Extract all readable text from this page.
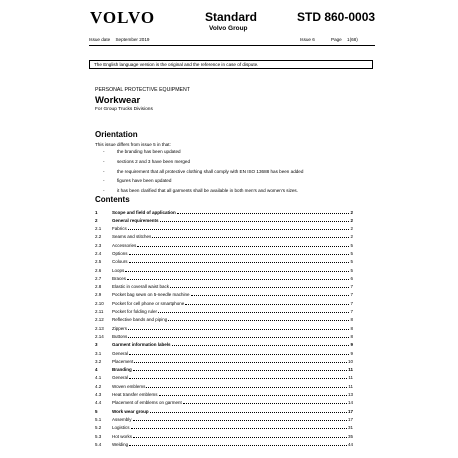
VOLVO	Standard
Volvo Group
STD 860-0003
Issue date September 2019	Issue 6	Page 1(68)
The English language version is the original and the reference in case of dispute.
PERSONAL PROTECTIVE EQUIPMENT
Workwear
For Group Trucks Divisions
Orientation
This issue differs from issue 5 in that:
-	the branding has been updated
-	sections 2 and 3 have been merged
-	the requirement that all protective clothing shall comply with EN ISO 13688 has been added
-	figures have been updated
-	it has been clarified that all garments shall be available in both men's and women's sizes.
Contents
1	Scope and field of application	2
2	General requirements	2
2.1	Fabrics	2
2.2	Seams and stitches	2
2.3	Accessories	5
2.4	Options	5
2.5	Colours	5
2.6	Loops	5
2.7	Braces	6
2.8	Elastic in coverall waist back	7
2.9	Pocket bag sewn on 5-needle machine	7
2.10	Pocket for cell phone or smartphone	7
2.11	Pocket for folding ruler	7
2.12	Reflective bands and piping	8
2.13	Zippers	8
2.14	Buttons	8
3	Garment information labels	9
3.1	General	9
3.2	Placement	10
4	Branding	11
4.1	General	11
4.2	Woven emblems	11
4.3	Heat transfer emblems	13
4.4	Placement of emblems on garment	14
5	Work wear group	17
5.1	Assembly	17
5.2	Logistics	31
5.3	Hot works	35
5.4	Welding	44
